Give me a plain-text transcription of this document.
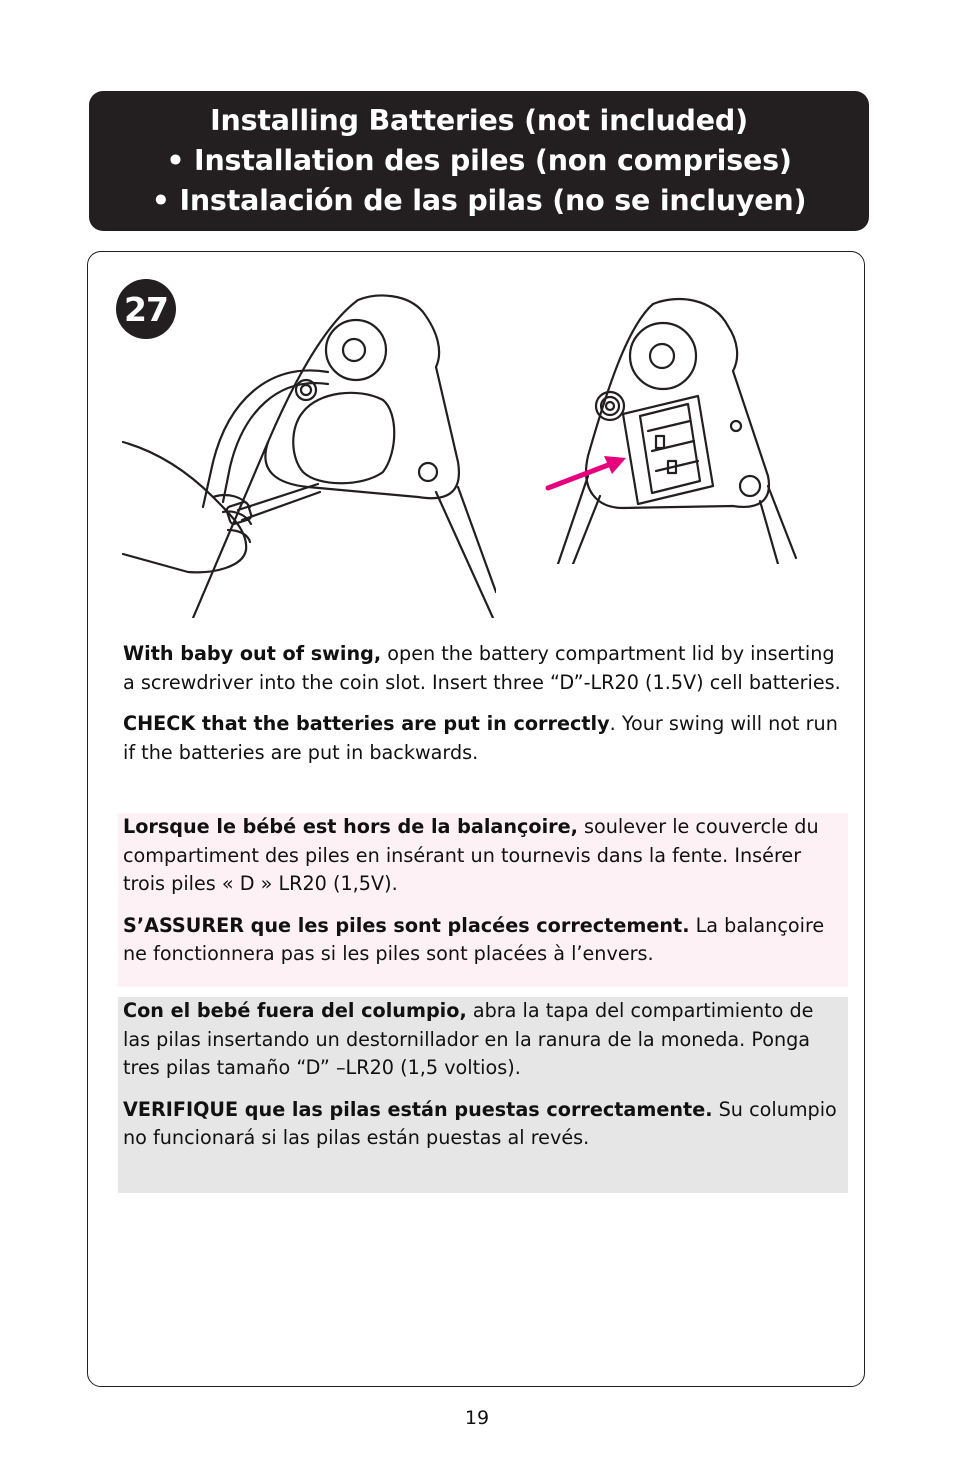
Installing Batteries (not included)
• Installation des piles (non comprises)
• Instalación de las pilas (no se incluyen)
27

With baby out of swing, open the battery compartment lid by inserting a screwdriver into the coin slot. Insert three “D”-LR20 (1.5V) cell batteries.

CHECK that the batteries are put in correctly. Your swing will not run if the batteries are put in backwards.

Lorsque le bébé est hors de la balançoire, soulever le couvercle du compartiment des piles en insérant un tournevis dans la fente. Insérer trois piles « D » LR20 (1,5V).

S’ASSURER que les piles sont placées correctement. La balançoire ne fonctionnera pas si les piles sont placées à l’envers.

Con el bebé fuera del columpio, abra la tapa del compartimiento de las pilas insertando un destornillador en la ranura de la moneda. Ponga tres pilas tamaño “D” –LR20 (1,5 voltios).

VERIFIQUE que las pilas están puestas correctamente. Su columpio no funcionará si las pilas están puestas al revés.

19
